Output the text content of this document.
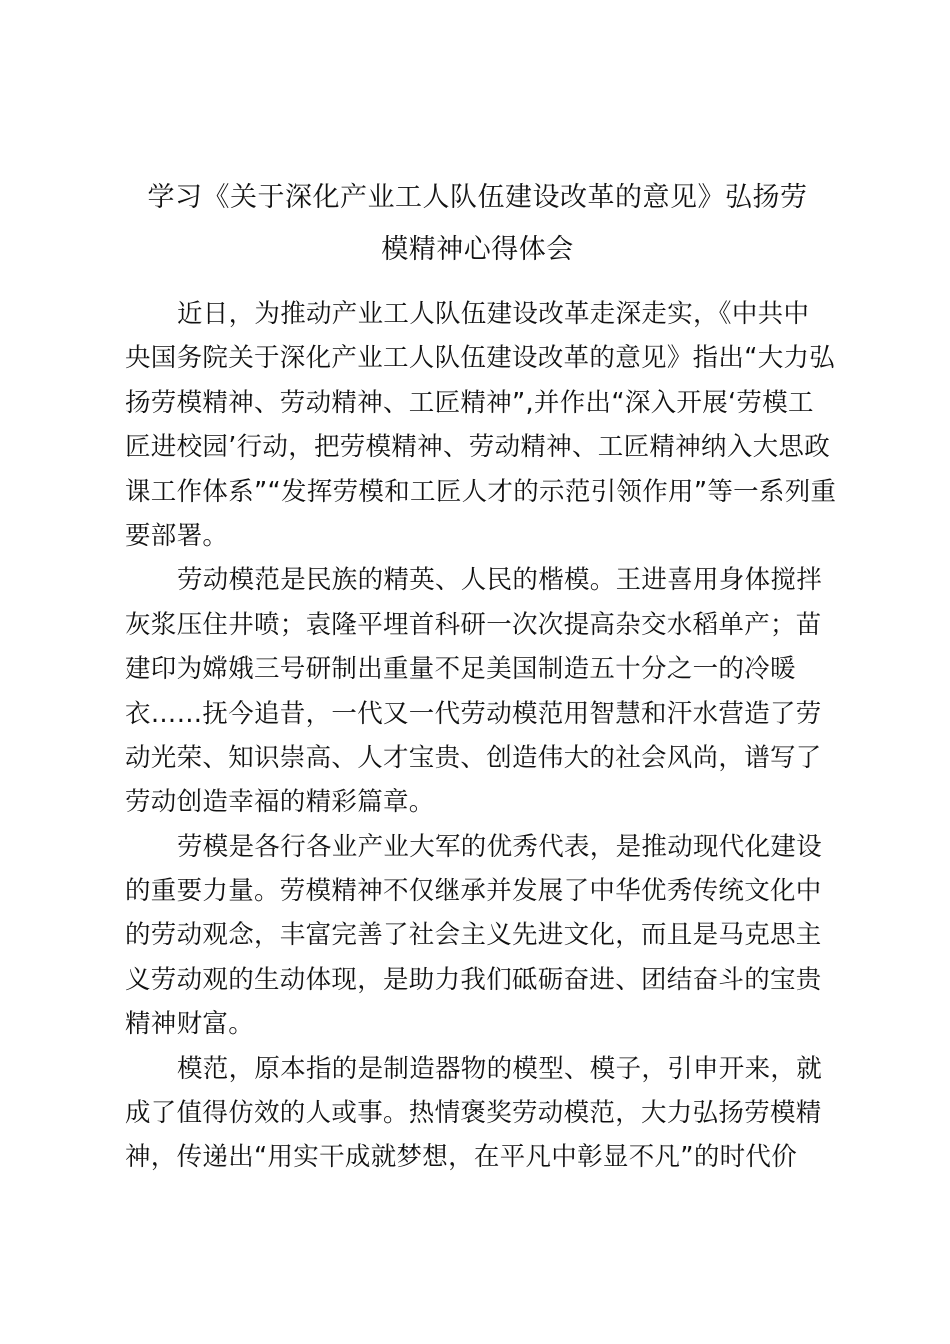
学习《关于深化产业工人队伍建设改革的意见》弘扬劳
模精神心得体会
近日，为推动产业工人队伍建设改革走深走实，《中共中
央国务院关于深化产业工人队伍建设改革的意见》指出“大力弘
扬劳模精神、劳动精神、工匠精神”,并作出“深入开展‘劳模工
匠进校园’行动，把劳模精神、劳动精神、工匠精神纳入大思政
课工作体系”“发挥劳模和工匠人才的示范引领作用”等一系列重
要部署。
劳动模范是民族的精英、人民的楷模。王进喜用身体搅拌
灰浆压住井喷；袁隆平埋首科研一次次提高杂交水稻单产；苗
建印为嫦娥三号研制出重量不足美国制造五十分之一的冷暖
衣……抚今追昔，一代又一代劳动模范用智慧和汗水营造了劳
动光荣、知识崇高、人才宝贵、创造伟大的社会风尚，谱写了
劳动创造幸福的精彩篇章。
劳模是各行各业产业大军的优秀代表，是推动现代化建设
的重要力量。劳模精神不仅继承并发展了中华优秀传统文化中
的劳动观念，丰富完善了社会主义先进文化，而且是马克思主
义劳动观的生动体现，是助力我们砥砺奋进、团结奋斗的宝贵
精神财富。
模范，原本指的是制造器物的模型、模子，引申开来，就
成了值得仿效的人或事。热情褒奖劳动模范，大力弘扬劳模精
神，传递出“用实干成就梦想，在平凡中彰显不凡”的时代价
